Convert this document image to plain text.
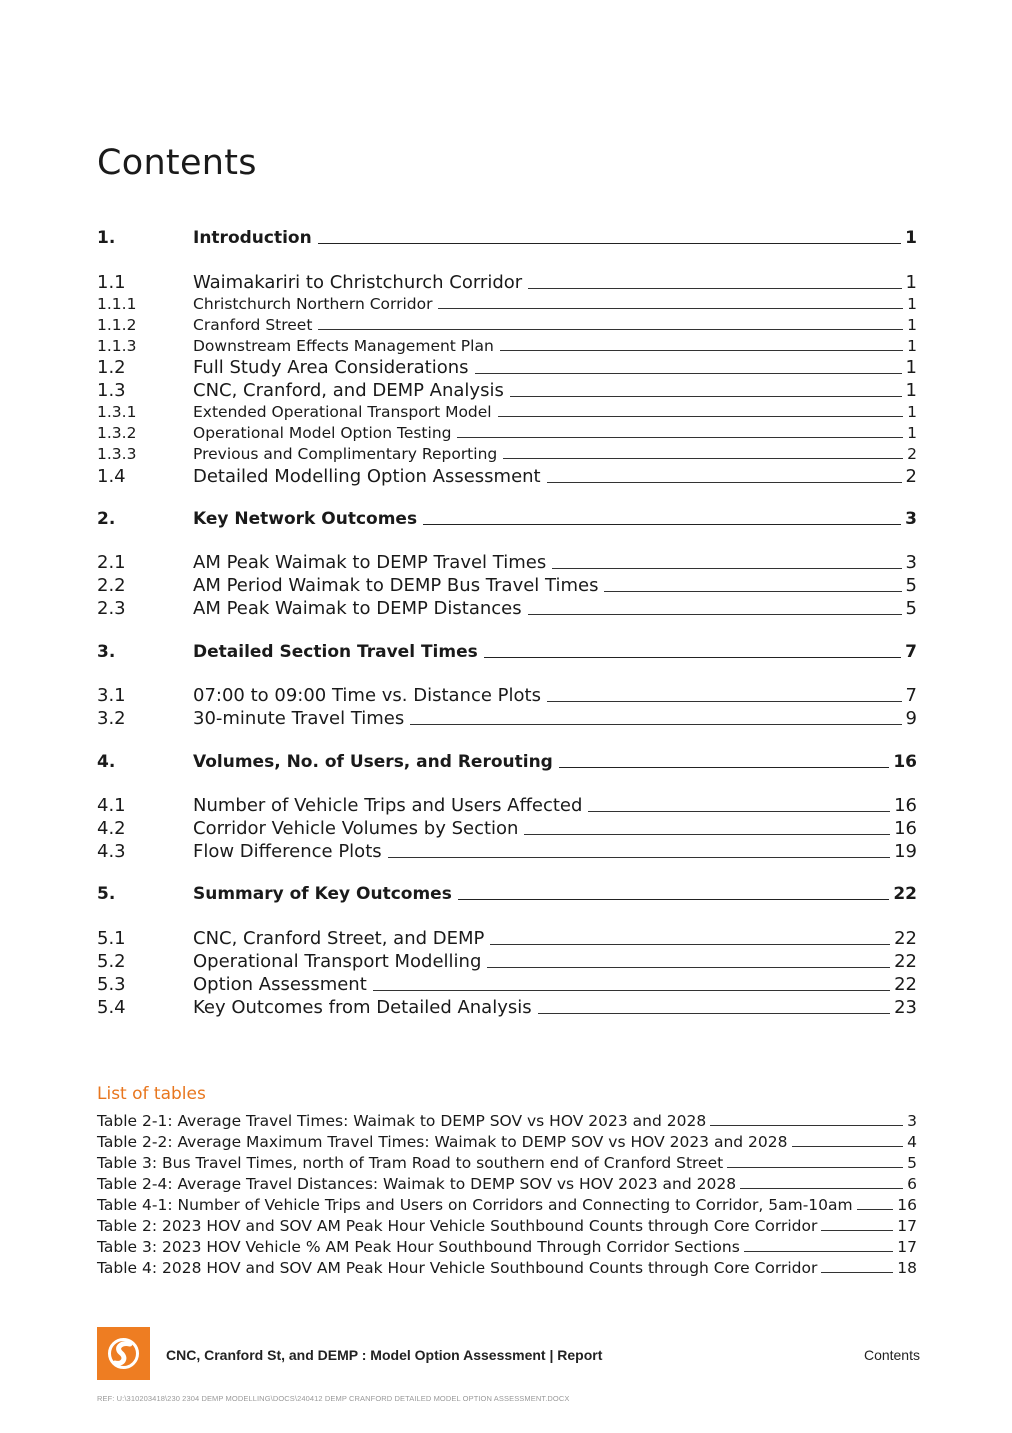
Contents
1.	Introduction	1
1.1	Waimakariri to Christchurch Corridor	1
1.1.1	Christchurch Northern Corridor	1
1.1.2	Cranford Street	1
1.1.3	Downstream Effects Management Plan	1
1.2	Full Study Area Considerations	1
1.3	CNC, Cranford, and DEMP Analysis	1
1.3.1	Extended Operational Transport Model	1
1.3.2	Operational Model Option Testing	1
1.3.3	Previous and Complimentary Reporting	2
1.4	Detailed Modelling Option Assessment	2
2.	Key Network Outcomes	3
2.1	AM Peak Waimak to DEMP Travel Times	3
2.2	AM Period Waimak to DEMP Bus Travel Times	5
2.3	AM Peak Waimak to DEMP Distances	5
3.	Detailed Section Travel Times	7
3.1	07:00 to 09:00 Time vs. Distance Plots	7
3.2	30-minute Travel Times	9
4.	Volumes, No. of Users, and Rerouting	16
4.1	Number of Vehicle Trips and Users Affected	16
4.2	Corridor Vehicle Volumes by Section	16
4.3	Flow Difference Plots	19
5.	Summary of Key Outcomes	22
5.1	CNC, Cranford Street, and DEMP	22
5.2	Operational Transport Modelling	22
5.3	Option Assessment	22
5.4	Key Outcomes from Detailed Analysis	23
List of tables
Table 2-1: Average Travel Times: Waimak to DEMP SOV vs HOV 2023 and 2028	3
Table 2-2: Average Maximum Travel Times: Waimak to DEMP SOV vs HOV 2023 and 2028	4
Table 3: Bus Travel Times, north of Tram Road to southern end of Cranford Street	5
Table 2-4: Average Travel Distances: Waimak to DEMP SOV vs HOV 2023 and 2028	6
Table 4-1: Number of Vehicle Trips and Users on Corridors and Connecting to Corridor, 5am-10am	16
Table 2: 2023 HOV and SOV AM Peak Hour Vehicle Southbound Counts through Core Corridor	17
Table 3: 2023 HOV Vehicle % AM Peak Hour Southbound Through Corridor Sections	17
Table 4: 2028 HOV and SOV AM Peak Hour Vehicle Southbound Counts through Core Corridor	18
CNC, Cranford St, and DEMP : Model Option Assessment | Report	Contents
REF: U:\310203418\230 2304 DEMP MODELLING\DOCS\240412 DEMP CRANFORD DETAILED MODEL OPTION ASSESSMENT.DOCX
